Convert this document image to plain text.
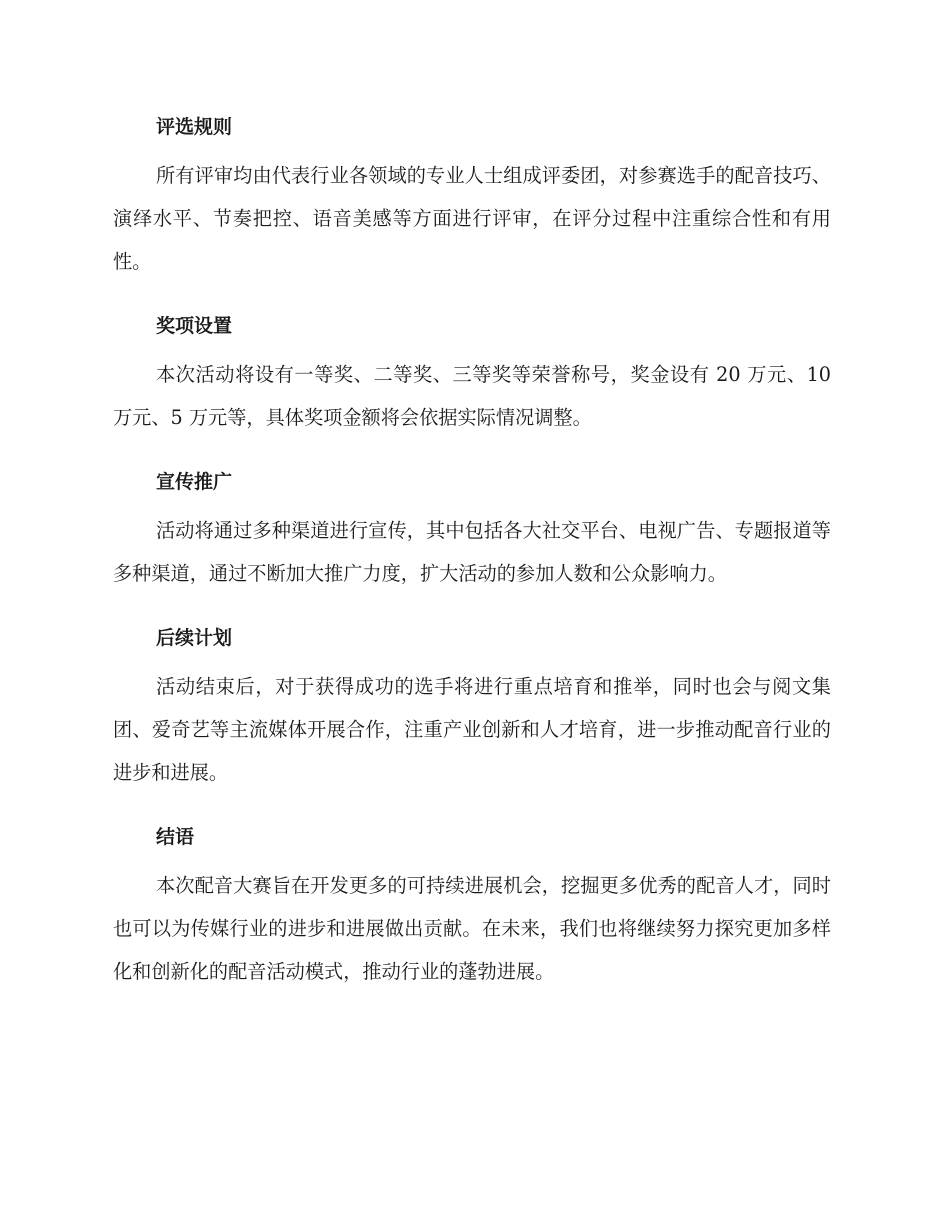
评选规则

所有评审均由代表行业各领域的专业人士组成评委团，对参赛选手的配音技巧、演绎水平、节奏把控、语音美感等方面进行评审，在评分过程中注重综合性和有用性。

奖项设置

本次活动将设有一等奖、二等奖、三等奖等荣誉称号，奖金设有 20 万元、10 万元、5 万元等，具体奖项金额将会依据实际情况调整。

宣传推广

活动将通过多种渠道进行宣传，其中包括各大社交平台、电视广告、专题报道等多种渠道，通过不断加大推广力度，扩大活动的参加人数和公众影响力。

后续计划

活动结束后，对于获得成功的选手将进行重点培育和推举，同时也会与阅文集团、爱奇艺等主流媒体开展合作，注重产业创新和人才培育，进一步推动配音行业的进步和进展。

结语

本次配音大赛旨在开发更多的可持续进展机会，挖掘更多优秀的配音人才，同时也可以为传媒行业的进步和进展做出贡献。在未来，我们也将继续努力探究更加多样化和创新化的配音活动模式，推动行业的蓬勃进展。
